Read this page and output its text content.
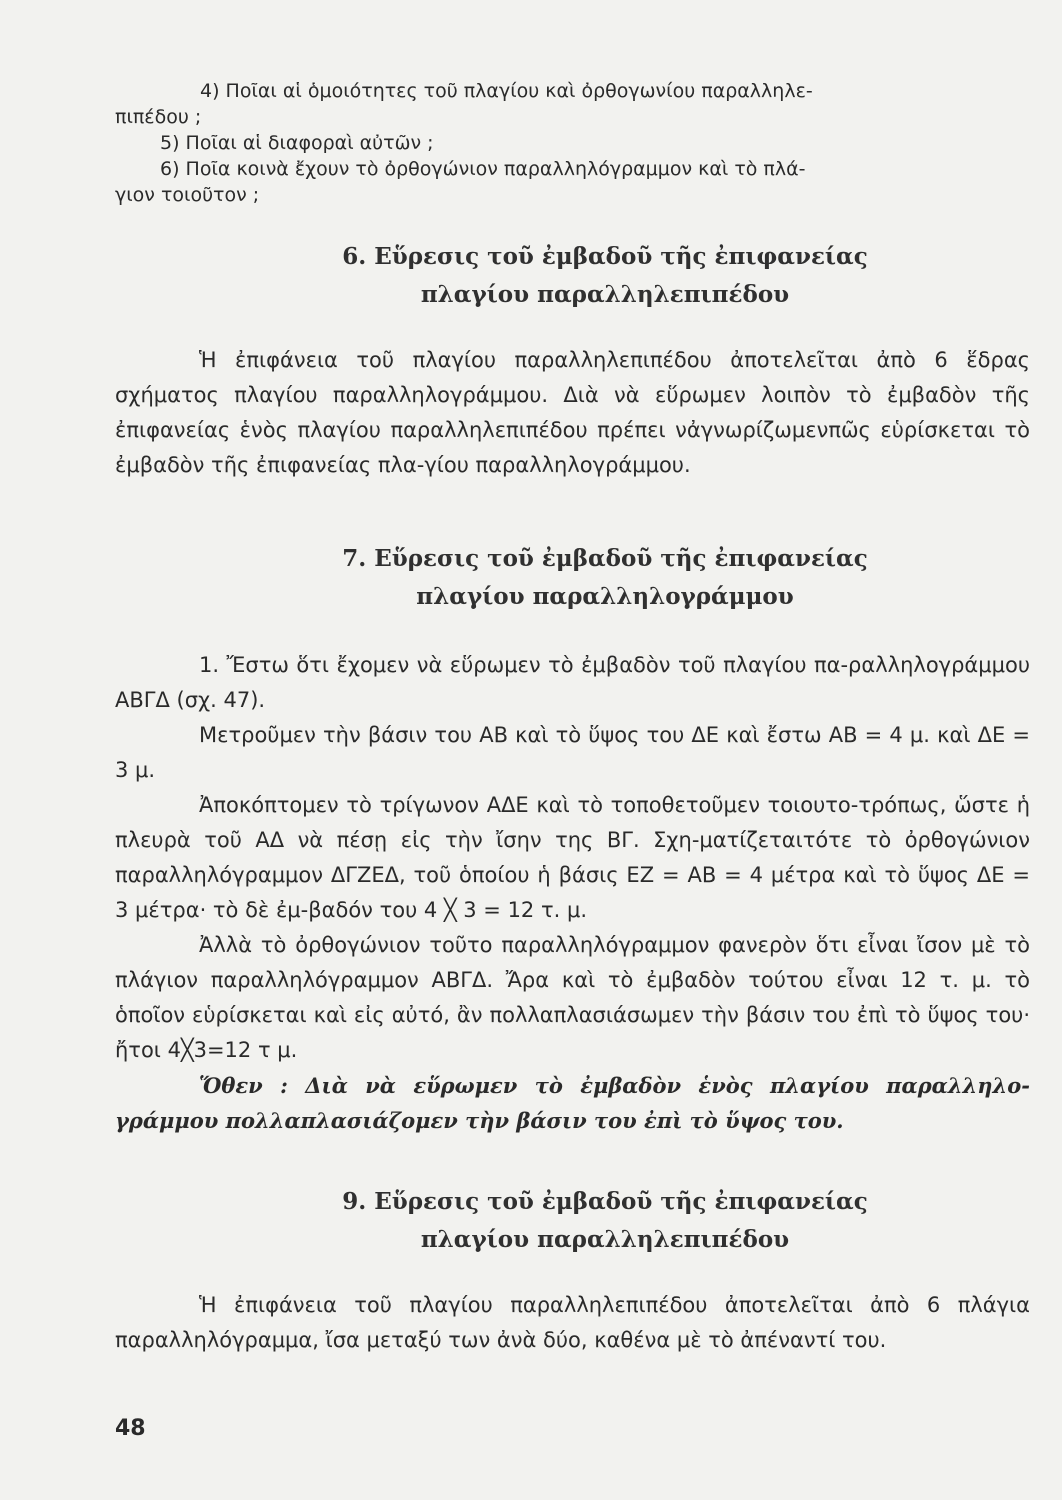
4) Ποῖαι αἱ ὁμοιότητες τοῦ πλαγίου καὶ ὀρθογωνίου παραλληλε-
πιπέδου ;
5) Ποῖαι αἱ διαφοραὶ αὐτῶν ;
6) Ποῖα κοινὰ ἔχουν τὸ ὀρθογώνιον παραλληλόγραμμον καὶ τὸ πλά-
γιον τοιοῦτον ;
6. Εὕρεσις τοῦ ἐμβαδοῦ τῆς ἐπιφανείας
πλαγίου παραλληλεπιπέδου

Ἡ ἐπιφάνεια τοῦ πλαγίου παραλληλεπιπέδου ἀποτελεῖται ἀπὸ 6 ἕδρας σχήματος πλαγίου παραλληλογράμμου. Διὰ νὰ εὕρωμεν λοιπὸν τὸ ἐμβαδὸν τῆς ἐπιφανείας ἑνὸς πλαγίου παραλληλεπιπέδου πρέπει νἀγνωρίζωμενπῶς εὑρίσκεται τὸ ἐμβαδὸν τῆς ἐπιφανείας πλα-γίου παραλληλογράμμου.

7. Εὕρεσις τοῦ ἐμβαδοῦ τῆς ἐπιφανείας
πλαγίου παραλληλογράμμου

1. Ἔστω ὅτι ἔχομεν νὰ εὕρωμεν τὸ ἐμβαδὸν τοῦ πλαγίου πα-ραλληλογράμμου ΑΒΓΔ (σχ. 47).

Μετροῦμεν τὴν βάσιν του ΑΒ καὶ τὸ ὕψος του ΔΕ καὶ ἔστω ΑΒ = 4 μ. καὶ ΔΕ = 3 μ.

Ἀποκόπτομεν τὸ τρίγωνον ΑΔΕ καὶ τὸ τοποθετοῦμεν τοιουτο-τρόπως, ὥστε ἡ πλευρὰ τοῦ ΑΔ νὰ πέσῃ εἰς τὴν ἴσην της ΒΓ. Σχη-ματίζεταιτότε τὸ ὀρθογώνιον παραλληλόγραμμον ΔΓΖΕΔ, τοῦ ὁποίου ἡ βάσις ΕΖ = ΑΒ = 4 μέτρα καὶ τὸ ὕψος ΔΕ = 3 μέτρα· τὸ δὲ ἐμ-βαδόν του 4 ╳ 3 = 12 τ. μ.

Ἀλλὰ τὸ ὀρθογώνιον τοῦτο παραλληλόγραμμον φανερὸν ὅτι εἶναι ἴσον μὲ τὸ πλάγιον παραλληλόγραμμον ΑΒΓΔ. Ἄρα καὶ τὸ ἐμβαδὸν τούτου εἶναι 12 τ. μ. τὸ ὁποῖον εὑρίσκεται καὶ εἰς αὐτό, ἂν πολλαπλασιάσωμεν τὴν βάσιν του ἐπὶ τὸ ὕψος του· ἤτοι 4╳3=12 τ μ.

Ὅθεν : Διὰ νὰ εὕρωμεν τὸ ἐμβαδὸν ἑνὸς πλαγίου παραλληλο-γράμμου πολλαπλασιάζομεν τὴν βάσιν του ἐπὶ τὸ ὕψος του.

9. Εὕρεσις τοῦ ἐμβαδοῦ τῆς ἐπιφανείας
πλαγίου παραλληλεπιπέδου

Ἡ ἐπιφάνεια τοῦ πλαγίου παραλληλεπιπέδου ἀποτελεῖται ἀπὸ 6 πλάγια παραλληλόγραμμα, ἴσα μεταξύ των ἀνὰ δύο, καθένα μὲ τὸ ἀπέναντί του.

48
